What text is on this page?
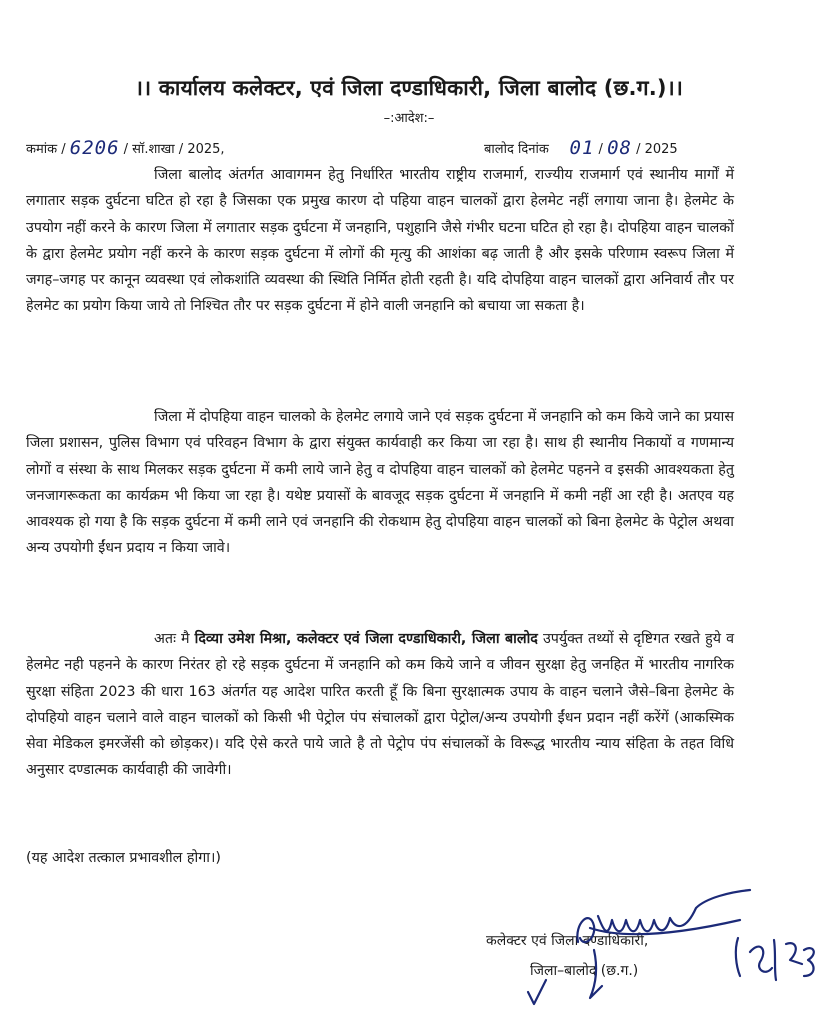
।। कार्यालय कलेक्टर, एवं जिला दण्डाधिकारी, जिला बालोद (छ.ग.)।।
–:आदेश:–
कमांक / 6206 / सॉ.शाखा / 2025,	बालोद दिनांक 01 / 08 / 2025

जिला बालोद अंतर्गत आवागमन हेतु निर्धारित भारतीय राष्ट्रीय राजमार्ग, राज्यीय राजमार्ग एवं स्थानीय मार्गों में लगातार सड़क दुर्घटना घटित हो रहा है जिसका एक प्रमुख कारण दो पहिया वाहन चालकों द्वारा हेलमेट नहीं लगाया जाना है। हेलमेट के उपयोग नहीं करने के कारण जिला में लगातार सड़क दुर्घटना में जनहानि, पशुहानि जैसे गंभीर घटना घटित हो रहा है। दोपहिया वाहन चालकों के द्वारा हेलमेट प्रयोग नहीं करने के कारण सड़क दुर्घटना में लोगों की मृत्यु की आशंका बढ़ जाती है और इसके परिणाम स्वरूप जिला में जगह–जगह पर कानून व्यवस्था एवं लोकशांति व्यवस्था की स्थिति निर्मित होती रहती है। यदि दोपहिया वाहन चालकों द्वारा अनिवार्य तौर पर हेलमेट का प्रयोग किया जाये तो निश्चित तौर पर सड़क दुर्घटना में होने वाली जनहानि को बचाया जा सकता है।

जिला में दोपहिया वाहन चालको के हेलमेट लगाये जाने एवं सड़क दुर्घटना में जनहानि को कम किये जाने का प्रयास जिला प्रशासन, पुलिस विभाग एवं परिवहन विभाग के द्वारा संयुक्त कार्यवाही कर किया जा रहा है। साथ ही स्थानीय निकायों व गणमान्य लोगों व संस्था के साथ मिलकर सड़क दुर्घटना में कमी लाये जाने हेतु व दोपहिया वाहन चालकों को हेलमेट पहनने व इसकी आवश्यकता हेतु जनजागरूकता का कार्यक्रम भी किया जा रहा है। यथेष्ट प्रयासों के बावजूद सड़क दुर्घटना में जनहानि में कमी नहीं आ रही है। अतएव यह आवश्यक हो गया है कि सड़क दुर्घटना में कमी लाने एवं जनहानि की रोकथाम हेतु दोपहिया वाहन चालकों को बिना हेलमेट के पेट्रोल अथवा अन्य उपयोगी ईंधन प्रदाय न किया जावे।

अतः मै दिव्या उमेश मिश्रा, कलेक्टर एवं जिला दण्डाधिकारी, जिला बालोद उपर्युक्त तथ्यों से दृष्टिगत रखते हुये व हेलमेट नही पहनने के कारण निरंतर हो रहे सड़क दुर्घटना में जनहानि को कम किये जाने व जीवन सुरक्षा हेतु जनहित में भारतीय नागरिक सुरक्षा संहिता 2023 की धारा 163 अंतर्गत यह आदेश पारित करती हूँ कि बिना सुरक्षात्मक उपाय के वाहन चलाने जैसे–बिना हेलमेट के दोपहियो वाहन चलाने वाले वाहन चालकों को किसी भी पेट्रोल पंप संचालकों द्वारा पेट्रोल/अन्य उपयोगी ईंधन प्रदान नहीं करेंगें (आकस्मिक सेवा मेडिकल इमरजेंसी को छोड़कर)। यदि ऐसे करते पाये जाते है तो पेट्रोप पंप संचालकों के विरूद्ध भारतीय न्याय संहिता के तहत विधि अनुसार दण्डात्मक कार्यवाही की जावेगी।

(यह आदेश तत्काल प्रभावशील होगा।)
कलेक्टर एवं जिला दण्डाधिकारी,
जिला–बालोद (छ.ग.)
01/8/25
